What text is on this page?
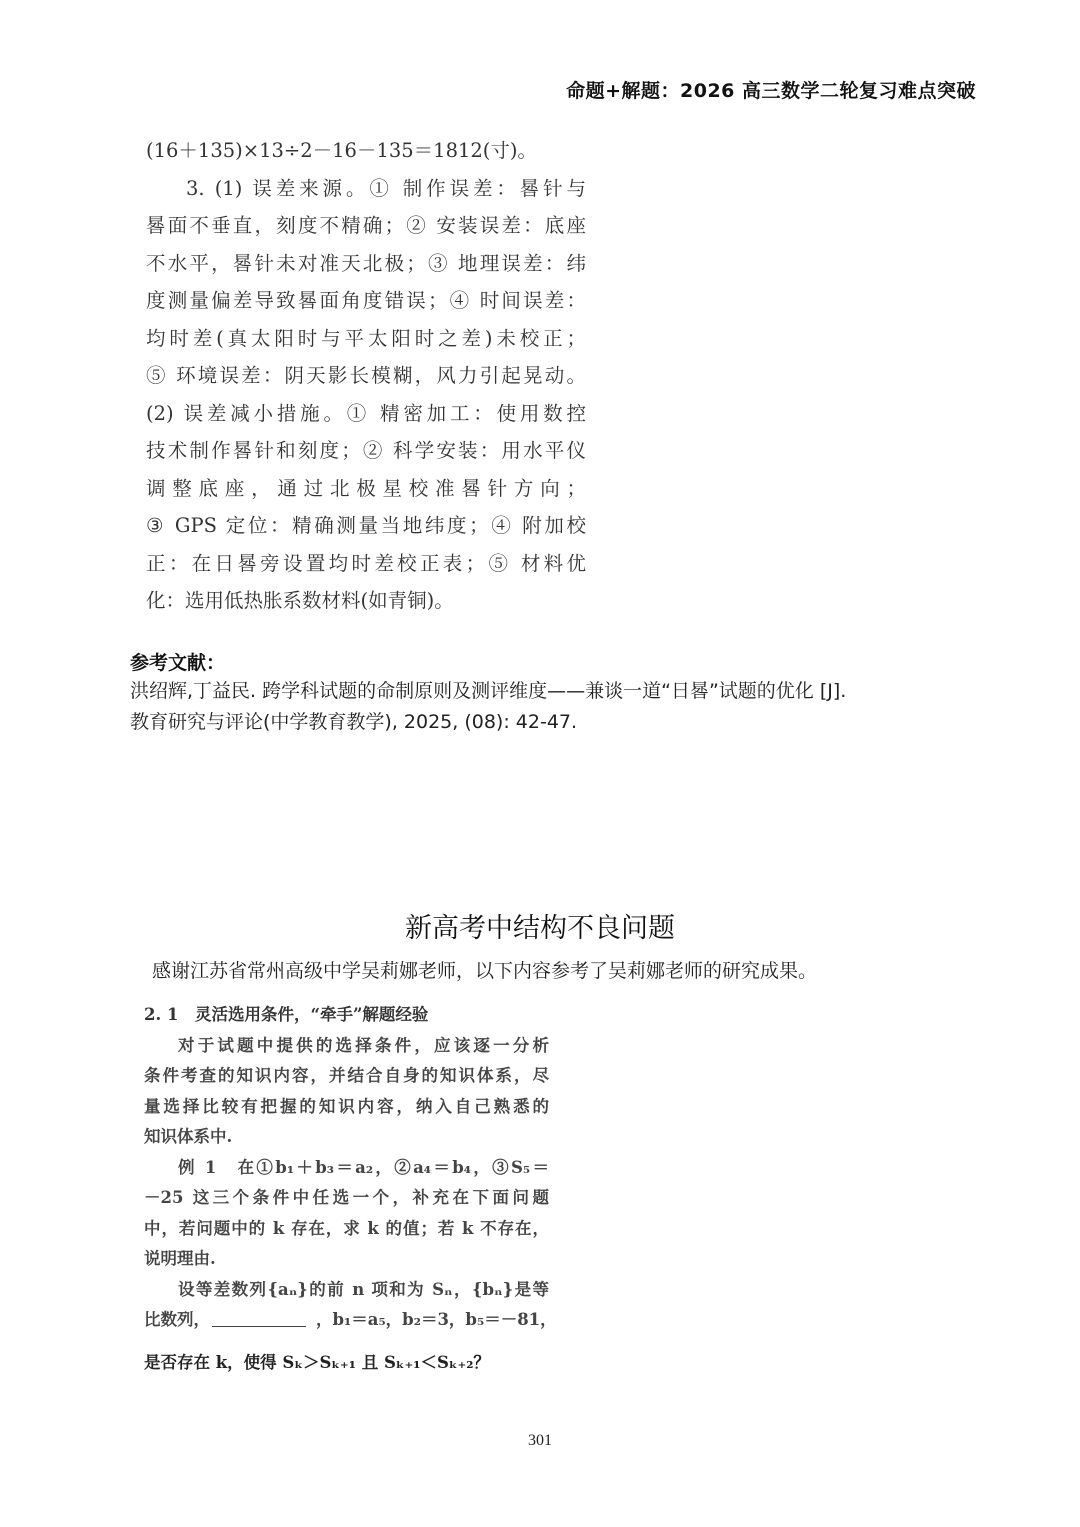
命题+解题：2026 高三数学二轮复习难点突破
(16＋135)×13÷2－16－135＝1812(寸)。
3. (1) 误差来源。① 制作误差：晷针与
晷面不垂直，刻度不精确；② 安装误差：底座
不水平，晷针未对准天北极；③ 地理误差：纬
度测量偏差导致晷面角度错误；④ 时间误差：
均时差(真太阳时与平太阳时之差)未校正；
⑤ 环境误差：阴天影长模糊，风力引起晃动。
(2) 误差减小措施。① 精密加工：使用数控
技术制作晷针和刻度；② 科学安装：用水平仪
调整底座，通过北极星校准晷针方向；
③ GPS 定位：精确测量当地纬度；④ 附加校
正：在日晷旁设置均时差校正表；⑤ 材料优
化：选用低热胀系数材料(如青铜)。
参考文献：
洪绍辉,丁益民. 跨学科试题的命制原则及测评维度——兼谈一道“日晷”试题的优化 [J].
教育研究与评论(中学教育教学), 2025, (08): 42-47.
新高考中结构不良问题
感谢江苏省常州高级中学吴莉娜老师，以下内容参考了吴莉娜老师的研究成果。
2. 1　灵活选用条件，“牵手”解题经验
对于试题中提供的选择条件，应该逐一分析
条件考查的知识内容，并结合自身的知识体系，尽
量选择比较有把握的知识内容，纳入自己熟悉的
知识体系中.
例 1　在①b₁＋b₃＝a₂，②a₄＝b₄，③S₅＝
－25 这三个条件中任选一个，补充在下面问题
中，若问题中的 k 存在，求 k 的值；若 k 不存在，
说明理由.
设等差数列{aₙ}的前 n 项和为 Sₙ，{bₙ}是等
比数列，	，b₁＝a₅，b₂＝3，b₅＝－81，
是否存在 k，使得 Sₖ＞Sₖ₊₁ 且 Sₖ₊₁＜Sₖ₊₂？
301
